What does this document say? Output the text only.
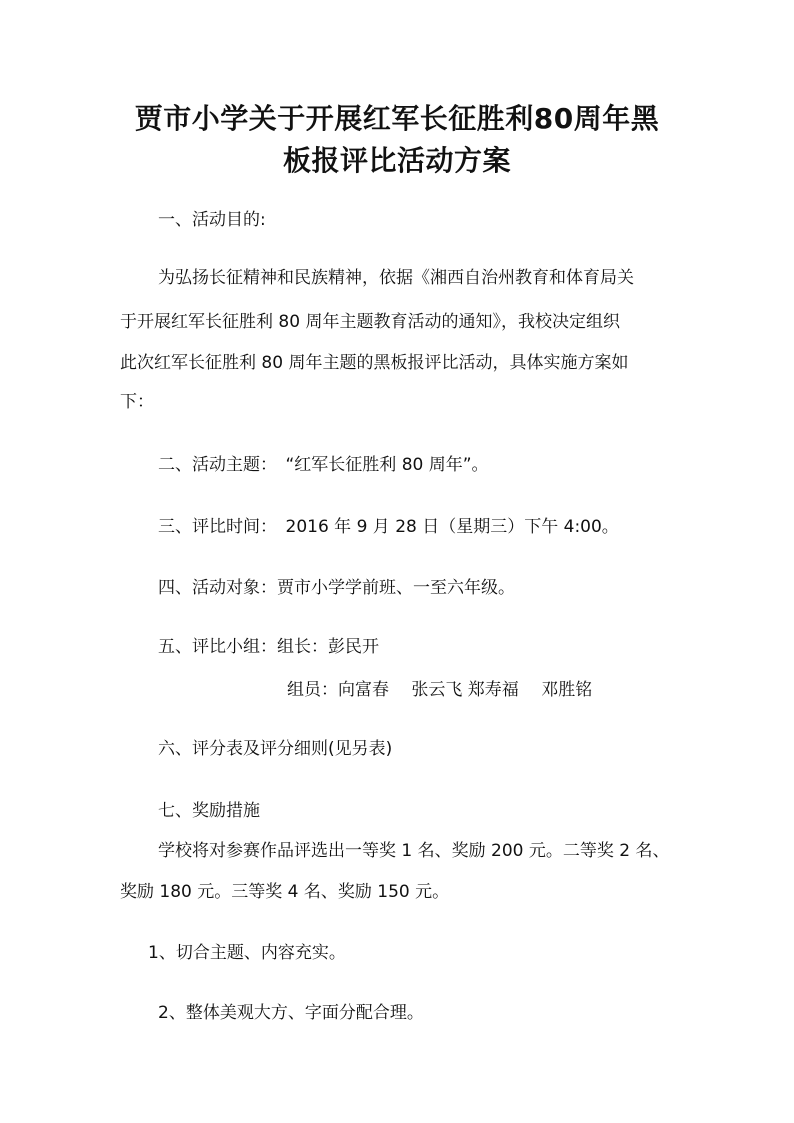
贾市小学关于开展红军长征胜利80周年黑
板报评比活动方案
一、活动目的:
为弘扬长征精神和民族精神，依据《湘西自治州教育和体育局关
于开展红军长征胜利 80 周年主题教育活动的通知》，我校决定组织
此次红军长征胜利 80 周年主题的黑板报评比活动，具体实施方案如
下：
二、活动主题：　“红军长征胜利 80 周年”。
三、评比时间：　2016 年 9 月 28 日（星期三）下午 4:00。
四、活动对象：贾市小学学前班、一至六年级。
五、评比小组：组长：彭民开
组员：向富春　 张云飞 郑寿福 　邓胜铭
六、评分表及评分细则(见另表)
七、奖励措施
学校将对参赛作品评选出一等奖 1 名、奖励 200 元。二等奖 2 名、
奖励 180 元。三等奖 4 名、奖励 150 元。
1、切合主题、内容充实。
2、整体美观大方、字面分配合理。
